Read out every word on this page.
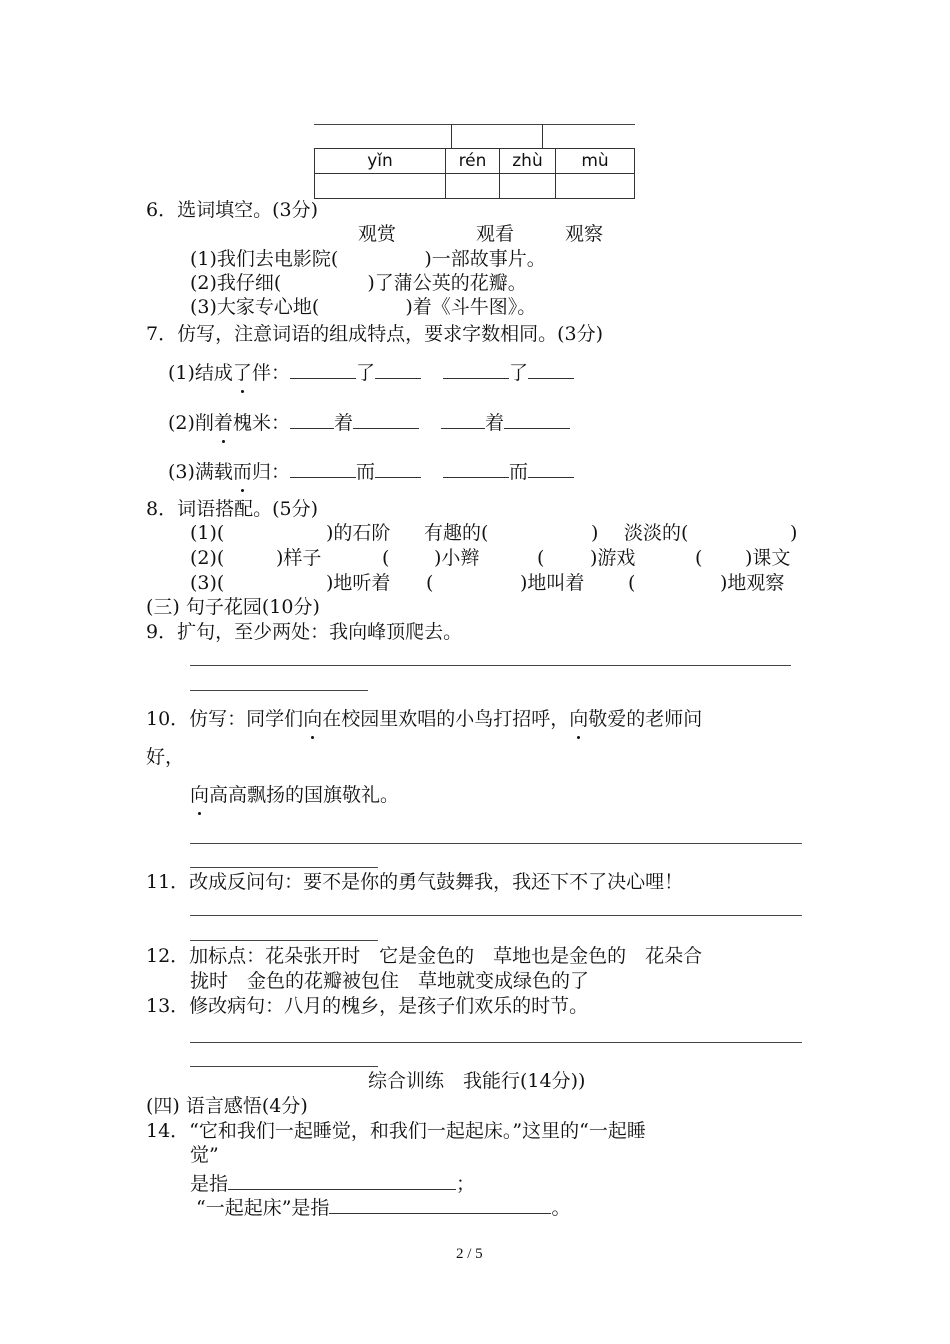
yǐn	rén	zhù	mù

6．选词填空。(3分)
观赏	观看	观察
(1)我们去电影院(	)一部故事片。
(2)我仔细(	)了蒲公英的花瓣。
(3)大家专心地(	)着《斗牛图》。
7．仿写，注意词语的组成特点，要求字数相同。(3分)
(1)结成了伴：	了	了
(2)削着槐米： 着	着
(3)满载而归：	而	而
8．词语搭配。(5分)
(1)(	)的石阶 有趣的(	) 淡淡的(	)
(2)(	)样子	( )小辫	( )游戏	( )课文
(3)(	)地听着 (	)地叫着 (	)地观察
(三) 句子花园(10分)
9．扩句，至少两处：我向峰顶爬去。
10．仿写：同学们向在校园里欢唱的小鸟打招呼，向敬爱的老师问
好，
向高高飘扬的国旗敬礼。
11．改成反问句：要不是你的勇气鼓舞我，我还下不了决心哩！
12．加标点：花朵张开时　它是金色的　草地也是金色的　花朵合
拢时　金色的花瓣被包住　草地就变成绿色的了
13．修改病句：八月的槐乡，是孩子们欢乐的时节。
综合训练　我能行(14分))
(四) 语言感悟(4分)
14．“它和我们一起睡觉，和我们一起起床。”这里的“一起睡
觉”
是指	；
“一起起床”是指	。
2 / 5
